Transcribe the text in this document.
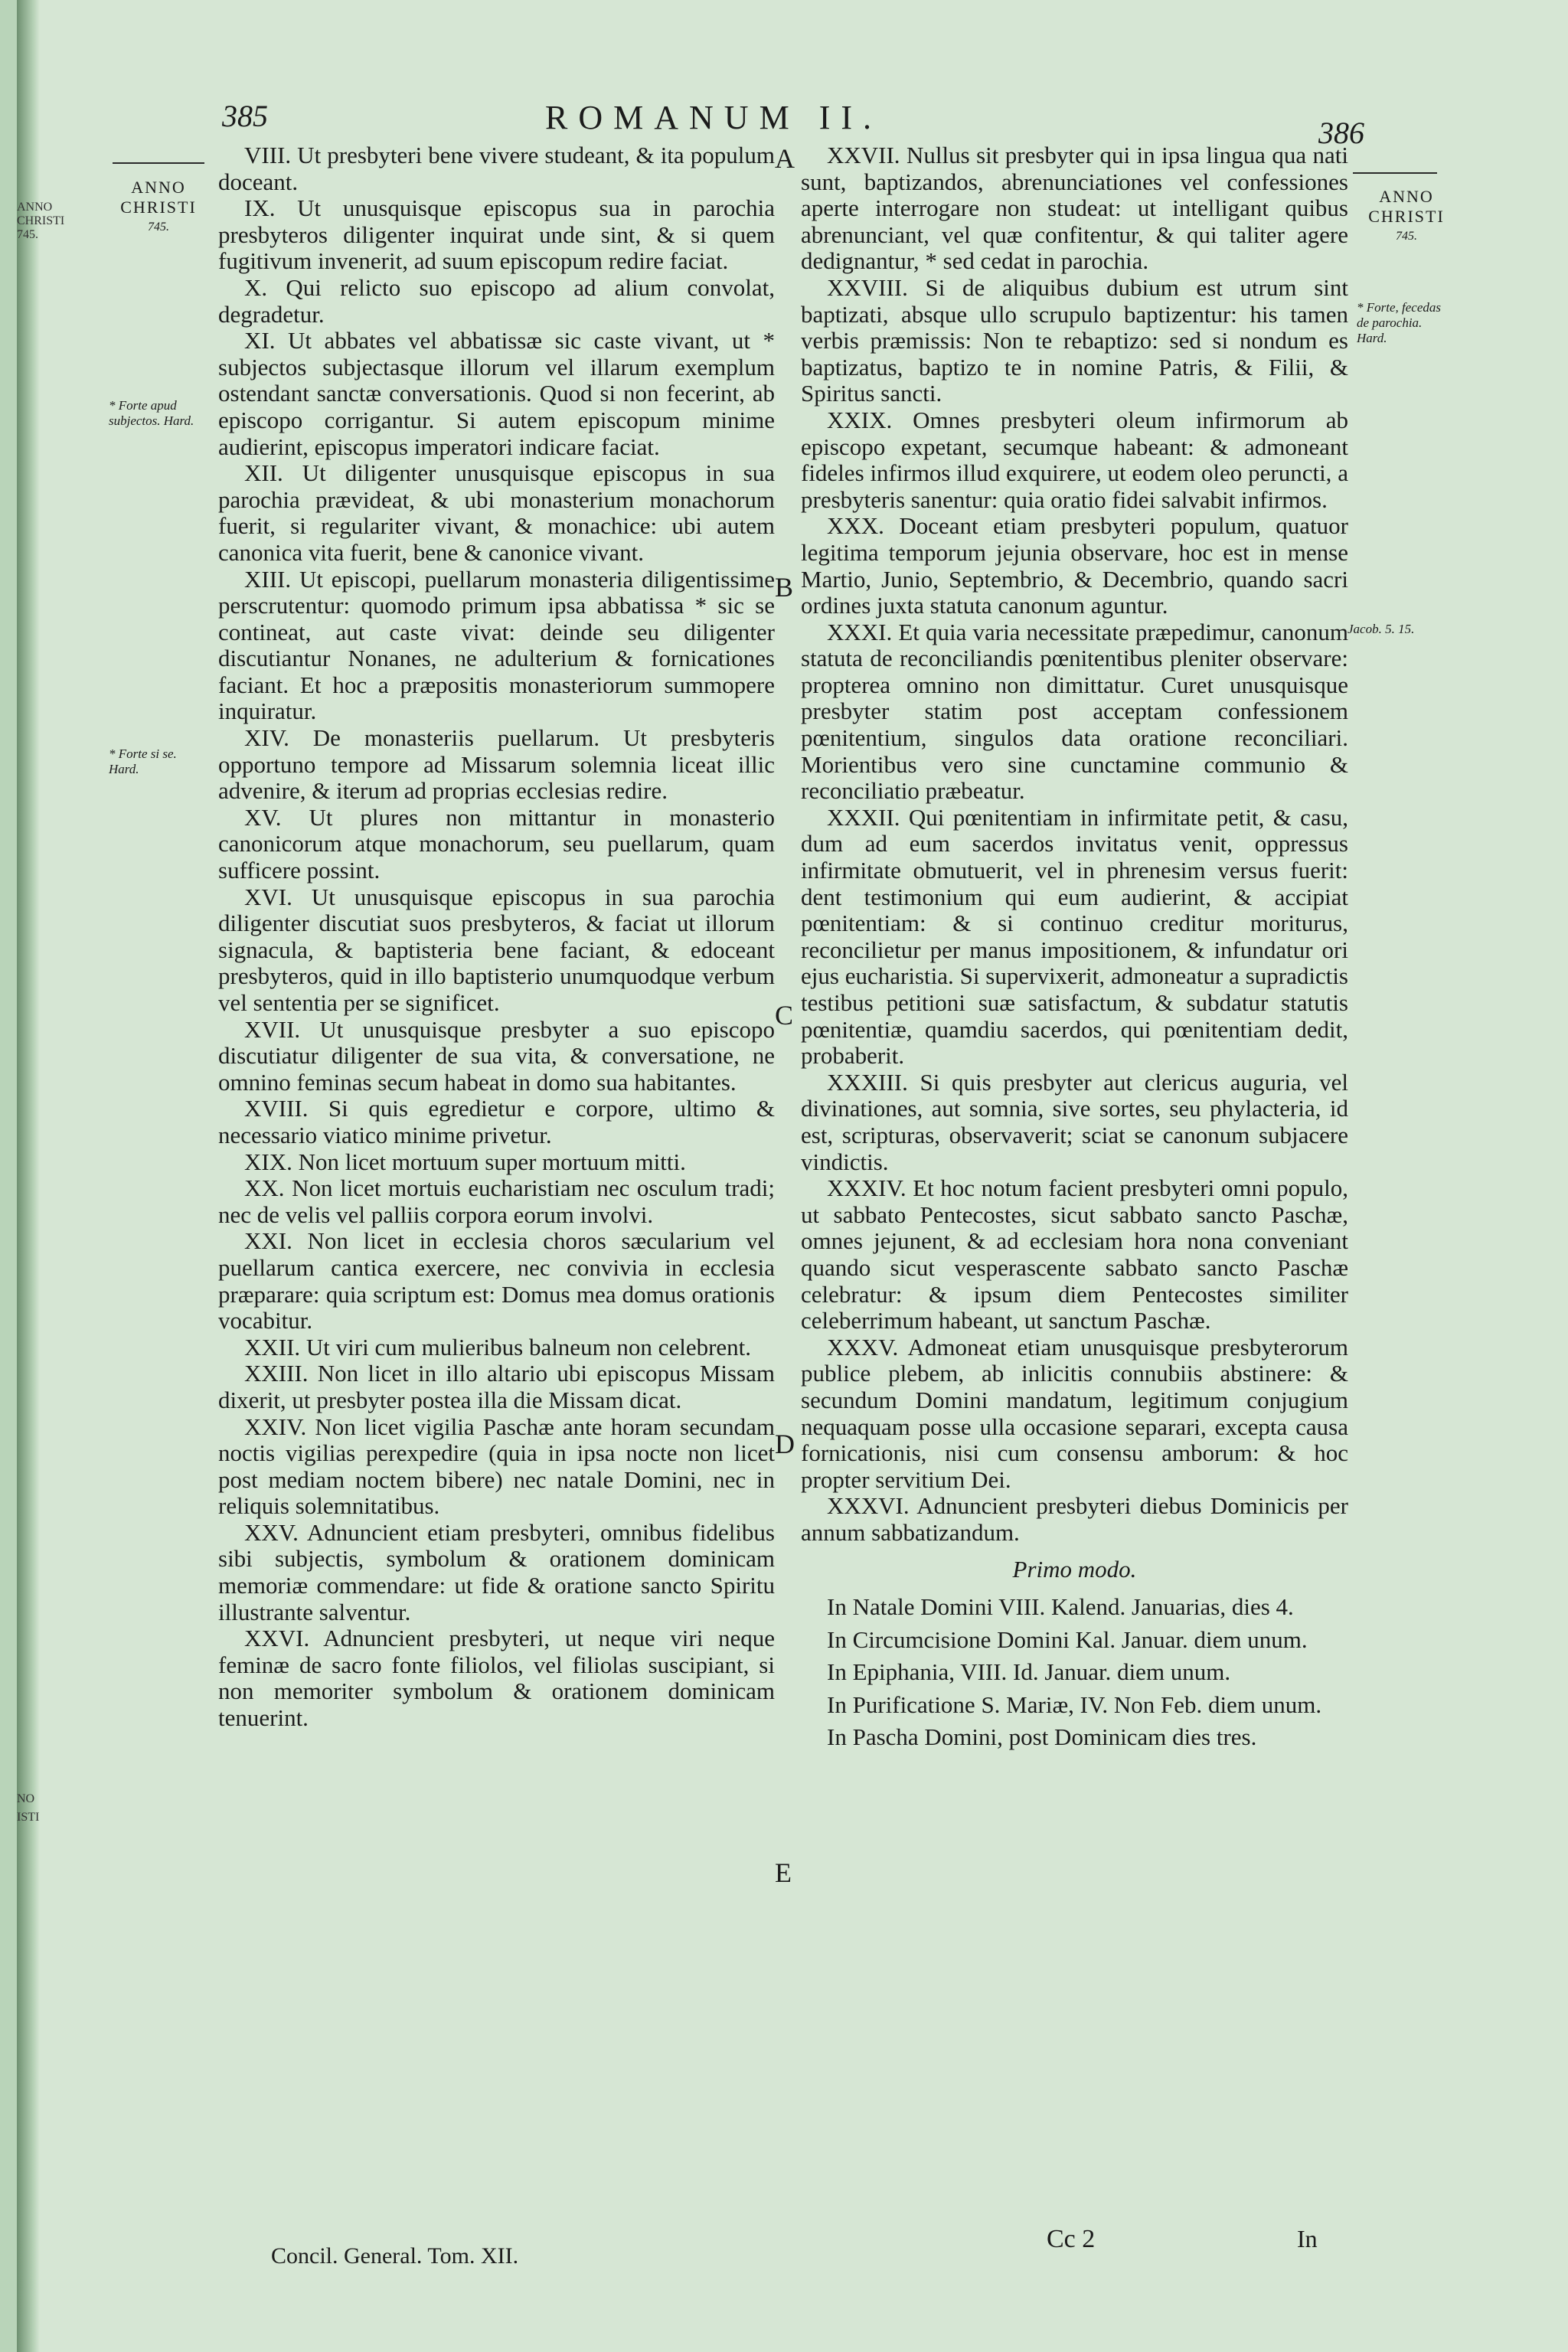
385	ROMANUM II.	386
ANNO
CHRISTI
745.
* Forte apud subjectos. Hard.
* Forte si se. Hard.
ANNO
CHRISTI
745.
* Forte, fecedas de parochia. Hard.
Jacob. 5. 15.
ANNO
CHRISTI
745.
NO
ISTI
A
B
C
D
E

VIII. Ut presbyteri bene vivere studeant, & ita populum doceant.

IX. Ut unusquisque episcopus sua in parochia presbyteros diligenter inquirat unde sint, & si quem fugitivum invenerit, ad suum episcopum redire faciat.

X. Qui relicto suo episcopo ad alium convolat, degradetur.

XI. Ut abbates vel abbatissæ sic caste vivant, ut * subjectos subjectasque illorum vel illarum exemplum ostendant sanctæ conversationis. Quod si non fecerint, ab episcopo corrigantur. Si autem episcopum minime audierint, episcopus imperatori indicare faciat.

XII. Ut diligenter unusquisque episcopus in sua parochia prævideat, & ubi monasterium monachorum fuerit, si regulariter vivant, & monachice: ubi autem canonica vita fuerit, bene & canonice vivant.

XIII. Ut episcopi, puellarum monasteria diligentissime perscrutentur: quomodo primum ipsa abbatissa * sic se contineat, aut caste vivat: deinde seu diligenter discutiantur Nonanes, ne adulterium & fornicationes faciant. Et hoc a præpositis monasteriorum summopere inquiratur.

XIV. De monasteriis puellarum. Ut presbyteris opportuno tempore ad Missarum solemnia liceat illic advenire, & iterum ad proprias ecclesias redire.

XV. Ut plures non mittantur in monasterio canonicorum atque monachorum, seu puellarum, quam sufficere possint.

XVI. Ut unusquisque episcopus in sua parochia diligenter discutiat suos presbyteros, & faciat ut illorum signacula, & baptisteria bene faciant, & edoceant presbyteros, quid in illo baptisterio unumquodque verbum vel sententia per se significet.

XVII. Ut unusquisque presbyter a suo episcopo discutiatur diligenter de sua vita, & conversatione, ne omnino feminas secum habeat in domo sua habitantes.

XVIII. Si quis egredietur e corpore, ultimo & necessario viatico minime privetur.

XIX. Non licet mortuum super mortuum mitti.

XX. Non licet mortuis eucharistiam nec osculum tradi; nec de velis vel palliis corpora eorum involvi.

XXI. Non licet in ecclesia choros sæcularium vel puellarum cantica exercere, nec convivia in ecclesia præparare: quia scriptum est: Domus mea domus orationis vocabitur.

XXII. Ut viri cum mulieribus balneum non celebrent.

XXIII. Non licet in illo altario ubi episcopus Missam dixerit, ut presbyter postea illa die Missam dicat.

XXIV. Non licet vigilia Paschæ ante horam secundam noctis vigilias perexpedire (quia in ipsa nocte non licet post mediam noctem bibere) nec natale Domini, nec in reliquis solemnitatibus.

XXV. Adnuncient etiam presbyteri, omnibus fidelibus sibi subjectis, symbolum & orationem dominicam memoriæ commendare: ut fide & oratione sancto Spiritu illustrante salventur.

XXVI. Adnuncient presbyteri, ut neque viri neque feminæ de sacro fonte filiolos, vel filiolas suscipiant, si non memoriter symbolum & orationem dominicam tenuerint.

XXVII. Nullus sit presbyter qui in ipsa lingua qua nati sunt, baptizandos, abrenunciationes vel confessiones aperte interrogare non studeat: ut intelligant quibus abrenunciant, vel quæ confitentur, & qui taliter agere dedignantur, * sed cedat in parochia.

XXVIII. Si de aliquibus dubium est utrum sint baptizati, absque ullo scrupulo baptizentur: his tamen verbis præmissis: Non te rebaptizo: sed si nondum es baptizatus, baptizo te in nomine Patris, & Filii, & Spiritus sancti.

XXIX. Omnes presbyteri oleum infirmorum ab episcopo expetant, secumque habeant: & admoneant fideles infirmos illud exquirere, ut eodem oleo peruncti, a presbyteris sanentur: quia oratio fidei salvabit infirmos.

XXX. Doceant etiam presbyteri populum, quatuor legitima temporum jejunia observare, hoc est in mense Martio, Junio, Septembrio, & Decembrio, quando sacri ordines juxta statuta canonum aguntur.

XXXI. Et quia varia necessitate præpedimur, canonum statuta de reconciliandis pœnitentibus pleniter observare: propterea omnino non dimittatur. Curet unusquisque presbyter statim post acceptam confessionem pœnitentium, singulos data oratione reconciliari. Morientibus vero sine cunctamine communio & reconciliatio præbeatur.

XXXII. Qui pœnitentiam in infirmitate petit, & casu, dum ad eum sacerdos invitatus venit, oppressus infirmitate obmutuerit, vel in phrenesim versus fuerit: dent testimonium qui eum audierint, & accipiat pœnitentiam: & si continuo creditur moriturus, reconcilietur per manus impositionem, & infundatur ori ejus eucharistia. Si supervixerit, admoneatur a supradictis testibus petitioni suæ satisfactum, & subdatur statutis pœnitentiæ, quamdiu sacerdos, qui pœnitentiam dedit, probaberit.

XXXIII. Si quis presbyter aut clericus auguria, vel divinationes, aut somnia, sive sortes, seu phylacteria, id est, scripturas, observaverit; sciat se canonum subjacere vindictis.

XXXIV. Et hoc notum facient presbyteri omni populo, ut sabbato Pentecostes, sicut sabbato sancto Paschæ, omnes jejunent, & ad ecclesiam hora nona conveniant quando sicut vesperascente sabbato sancto Paschæ celebratur: & ipsum diem Pentecostes similiter celeberrimum habeant, ut sanctum Paschæ.

XXXV. Admoneat etiam unusquisque presbyterorum publice plebem, ab inlicitis connubiis abstinere: & secundum Domini mandatum, legitimum conjugium nequaquam posse ulla occasione separari, excepta causa fornicationis, nisi cum consensu amborum: & hoc propter servitium Dei.

XXXVI. Adnuncient presbyteri diebus Dominicis per annum sabbatizandum.

Primo modo.

In Natale Domini VIII. Kalend. Januarias, dies 4.

In Circumcisione Domini Kal. Januar. diem unum.

In Epiphania, VIII. Id. Januar. diem unum.

In Purificatione S. Mariæ, IV. Non Feb. diem unum.

In Pascha Domini, post Dominicam dies tres.

Concil. General. Tom. XII.
Cc 2	In
